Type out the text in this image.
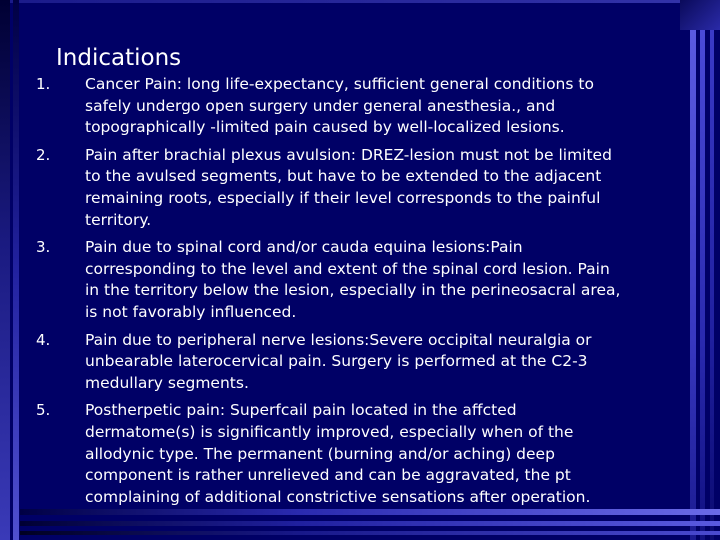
Indications
1. Cancer Pain: long life-expectancy, sufficient general conditions to
safely undergo open surgery under general anesthesia., and
topographically -limited pain caused by well-localized lesions.
2. Pain after brachial plexus avulsion: DREZ-lesion must not be limited
to the avulsed segments, but have to be extended to the adjacent
remaining roots, especially if their level corresponds to the painful
territory.
3. Pain due to spinal cord and/or cauda equina lesions:Pain
corresponding to the level and extent of the spinal cord lesion. Pain
in the territory below the lesion, especially in the perineosacral area,
is not favorably influenced.
4. Pain due to peripheral nerve lesions:Severe occipital neuralgia or
unbearable laterocervical pain. Surgery is performed at the C2-3
medullary segments.
5. Postherpetic pain: Superfcail pain located in the affcted
dermatome(s) is significantly improved, especially when of the
allodynic type. The permanent (burning and/or aching) deep
component is rather unrelieved and can be aggravated, the pt
complaining of additional constrictive sensations after operation.
